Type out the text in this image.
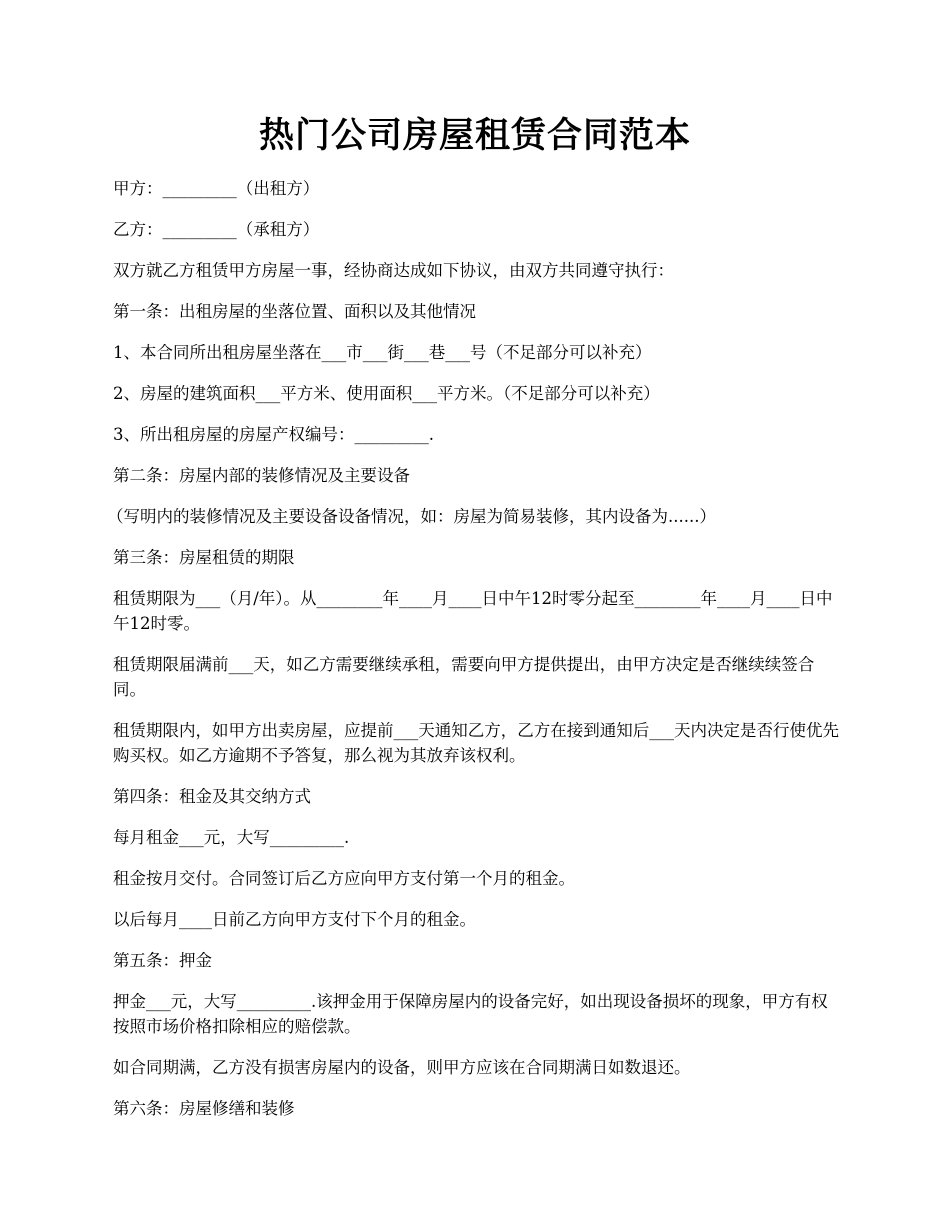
热门公司房屋租赁合同范本

甲方：_________（出租方）

乙方：_________（承租方）

双方就乙方租赁甲方房屋一事，经协商达成如下协议，由双方共同遵守执行：

第一条：出租房屋的坐落位置、面积以及其他情况

1、本合同所出租房屋坐落在___市___街___巷___号（不足部分可以补充）

2、房屋的建筑面积___平方米、使用面积___平方米。（不足部分可以补充）

3、所出租房屋的房屋产权编号：_________.

第二条：房屋内部的装修情况及主要设备

（写明内的装修情况及主要设备设备情况，如：房屋为简易装修，其内设备为......）

第三条：房屋租赁的期限

租赁期限为___（月/年）。从________年____月____日中午12时零分起至________年____月____日中午12时零。

租赁期限届满前___天，如乙方需要继续承租，需要向甲方提供提出，由甲方决定是否继续续签合同。

租赁期限内，如甲方出卖房屋，应提前___天通知乙方，乙方在接到通知后___天内决定是否行使优先购买权。如乙方逾期不予答复，那么视为其放弃该权利。

第四条：租金及其交纳方式

每月租金___元，大写_________.

租金按月交付。合同签订后乙方应向甲方支付第一个月的租金。

以后每月____日前乙方向甲方支付下个月的租金。

第五条：押金

押金___元，大写_________.该押金用于保障房屋内的设备完好，如出现设备损坏的现象，甲方有权按照市场价格扣除相应的赔偿款。

如合同期满，乙方没有损害房屋内的设备，则甲方应该在合同期满日如数退还。

第六条：房屋修缮和装修
